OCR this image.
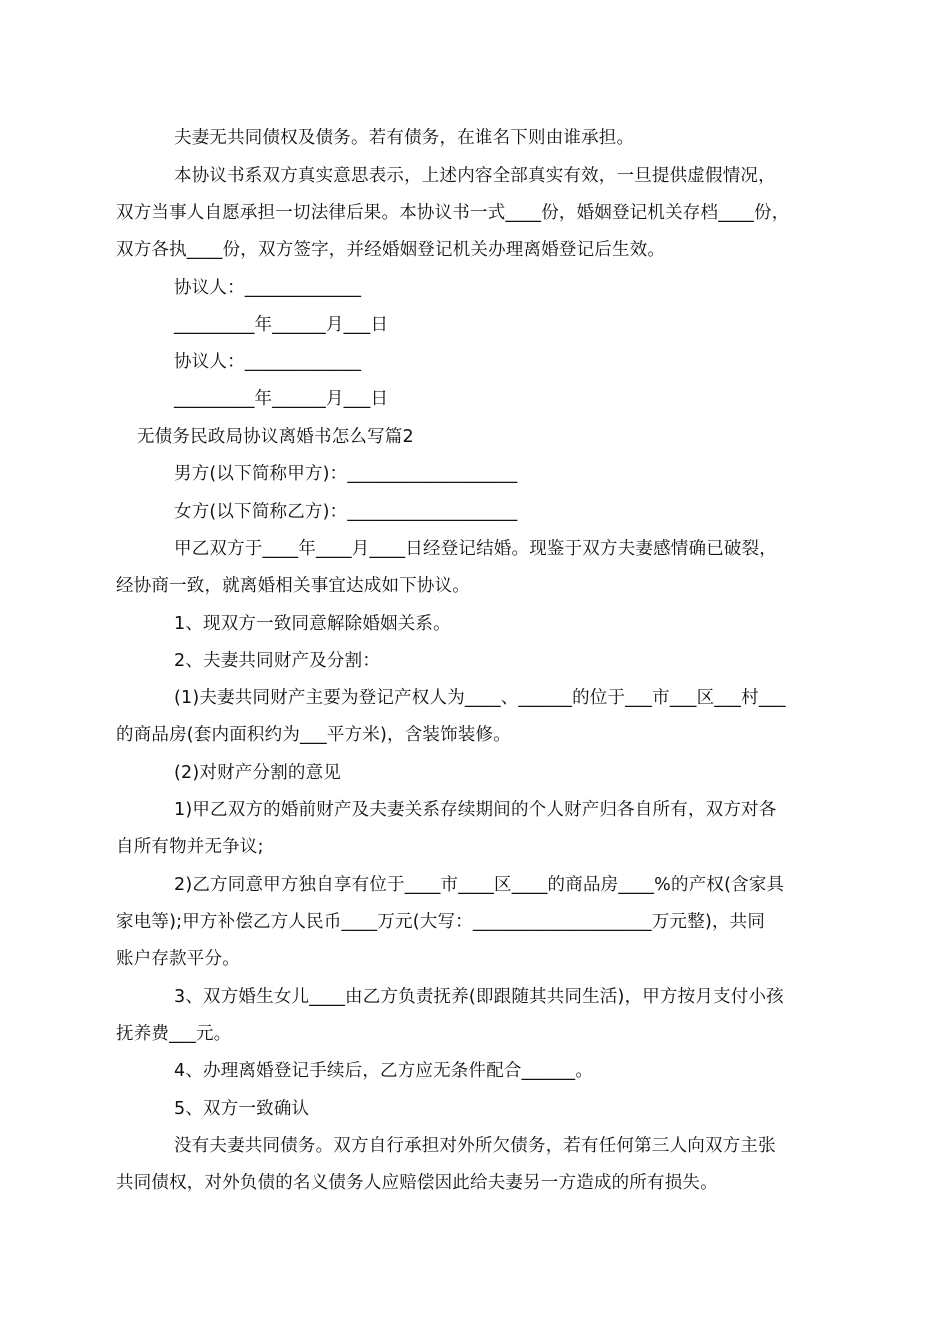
夫妻无共同债权及债务。若有债务，在谁名下则由谁承担。
本协议书系双方真实意思表示，上述内容全部真实有效，一旦提供虚假情况，
双方当事人自愿承担一切法律后果。本协议书一式____份，婚姻登记机关存档____份，
双方各执____份，双方签字，并经婚姻登记机关办理离婚登记后生效。
协议人：_____________
_________年______月___日
协议人：_____________
_________年______月___日
无债务民政局协议离婚书怎么写篇2
男方(以下简称甲方)：___________________
女方(以下简称乙方)：___________________
甲乙双方于____年____月____日经登记结婚。现鉴于双方夫妻感情确已破裂，
经协商一致，就离婚相关事宜达成如下协议。
1、现双方一致同意解除婚姻关系。
2、夫妻共同财产及分割：
(1)夫妻共同财产主要为登记产权人为____、______的位于___市___区___村___
的商品房(套内面积约为___平方米)，含装饰装修。
(2)对财产分割的意见
1)甲乙双方的婚前财产及夫妻关系存续期间的个人财产归各自所有，双方对各
自所有物并无争议;
2)乙方同意甲方独自享有位于____市____区____的商品房____%的产权(含家具
家电等);甲方补偿乙方人民币____万元(大写：____________________万元整)，共同
账户存款平分。
3、双方婚生女儿____由乙方负责抚养(即跟随其共同生活)，甲方按月支付小孩
抚养费___元。
4、办理离婚登记手续后，乙方应无条件配合______。
5、双方一致确认
没有夫妻共同债务。双方自行承担对外所欠债务，若有任何第三人向双方主张
共同债权，对外负债的名义债务人应赔偿因此给夫妻另一方造成的所有损失。
